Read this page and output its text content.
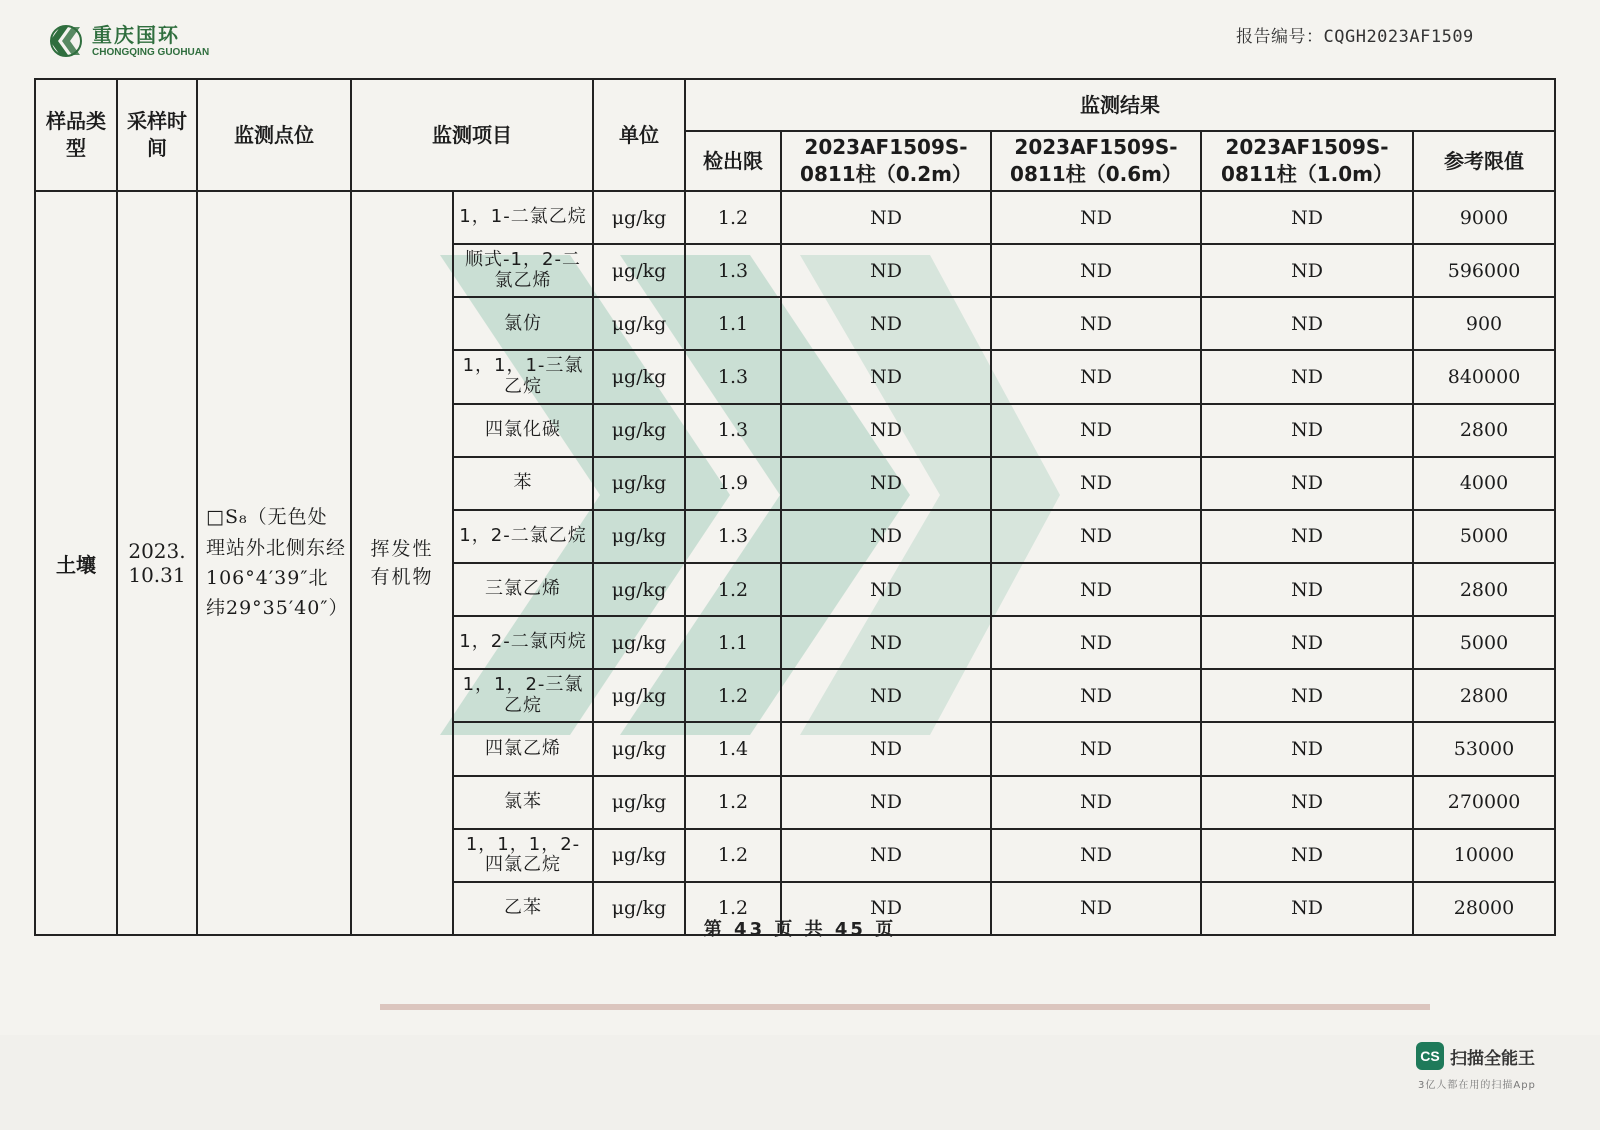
重庆国环
CHONGQING GUOHUAN
报告编号：CQGH2023AF1509
样品类型	采样时间	监测点位	监测项目		单位	监测结果				
						检出限	2023AF1509S-0811柱（0.2m）	2023AF1509S-0811柱（0.6m）	2023AF1509S-0811柱（1.0m）	参考限值
土壤	2023.10.31	□S₈（无色处理站外北侧东经106°4′39″北纬29°35′40″）	挥发性有机物	1，1-二氯乙烷	μg/kg	1.2	ND	ND	ND	9000
				顺式-1，2-二氯乙烯	μg/kg	1.3	ND	ND	ND	596000
				氯仿	μg/kg	1.1	ND	ND	ND	900
				1，1，1-三氯乙烷	μg/kg	1.3	ND	ND	ND	840000
				四氯化碳	μg/kg	1.3	ND	ND	ND	2800
				苯	μg/kg	1.9	ND	ND	ND	4000
				1，2-二氯乙烷	μg/kg	1.3	ND	ND	ND	5000
				三氯乙烯	μg/kg	1.2	ND	ND	ND	2800
				1，2-二氯丙烷	μg/kg	1.1	ND	ND	ND	5000
				1，1，2-三氯乙烷	μg/kg	1.2	ND	ND	ND	2800
				四氯乙烯	μg/kg	1.4	ND	ND	ND	53000
				氯苯	μg/kg	1.2	ND	ND	ND	270000
				1，1，1，2-四氯乙烷	μg/kg	1.2	ND	ND	ND	10000
				乙苯	μg/kg	1.2	ND	ND	ND	28000
第 43 页 共 45 页
CS 扫描全能王
3亿人都在用的扫描App
